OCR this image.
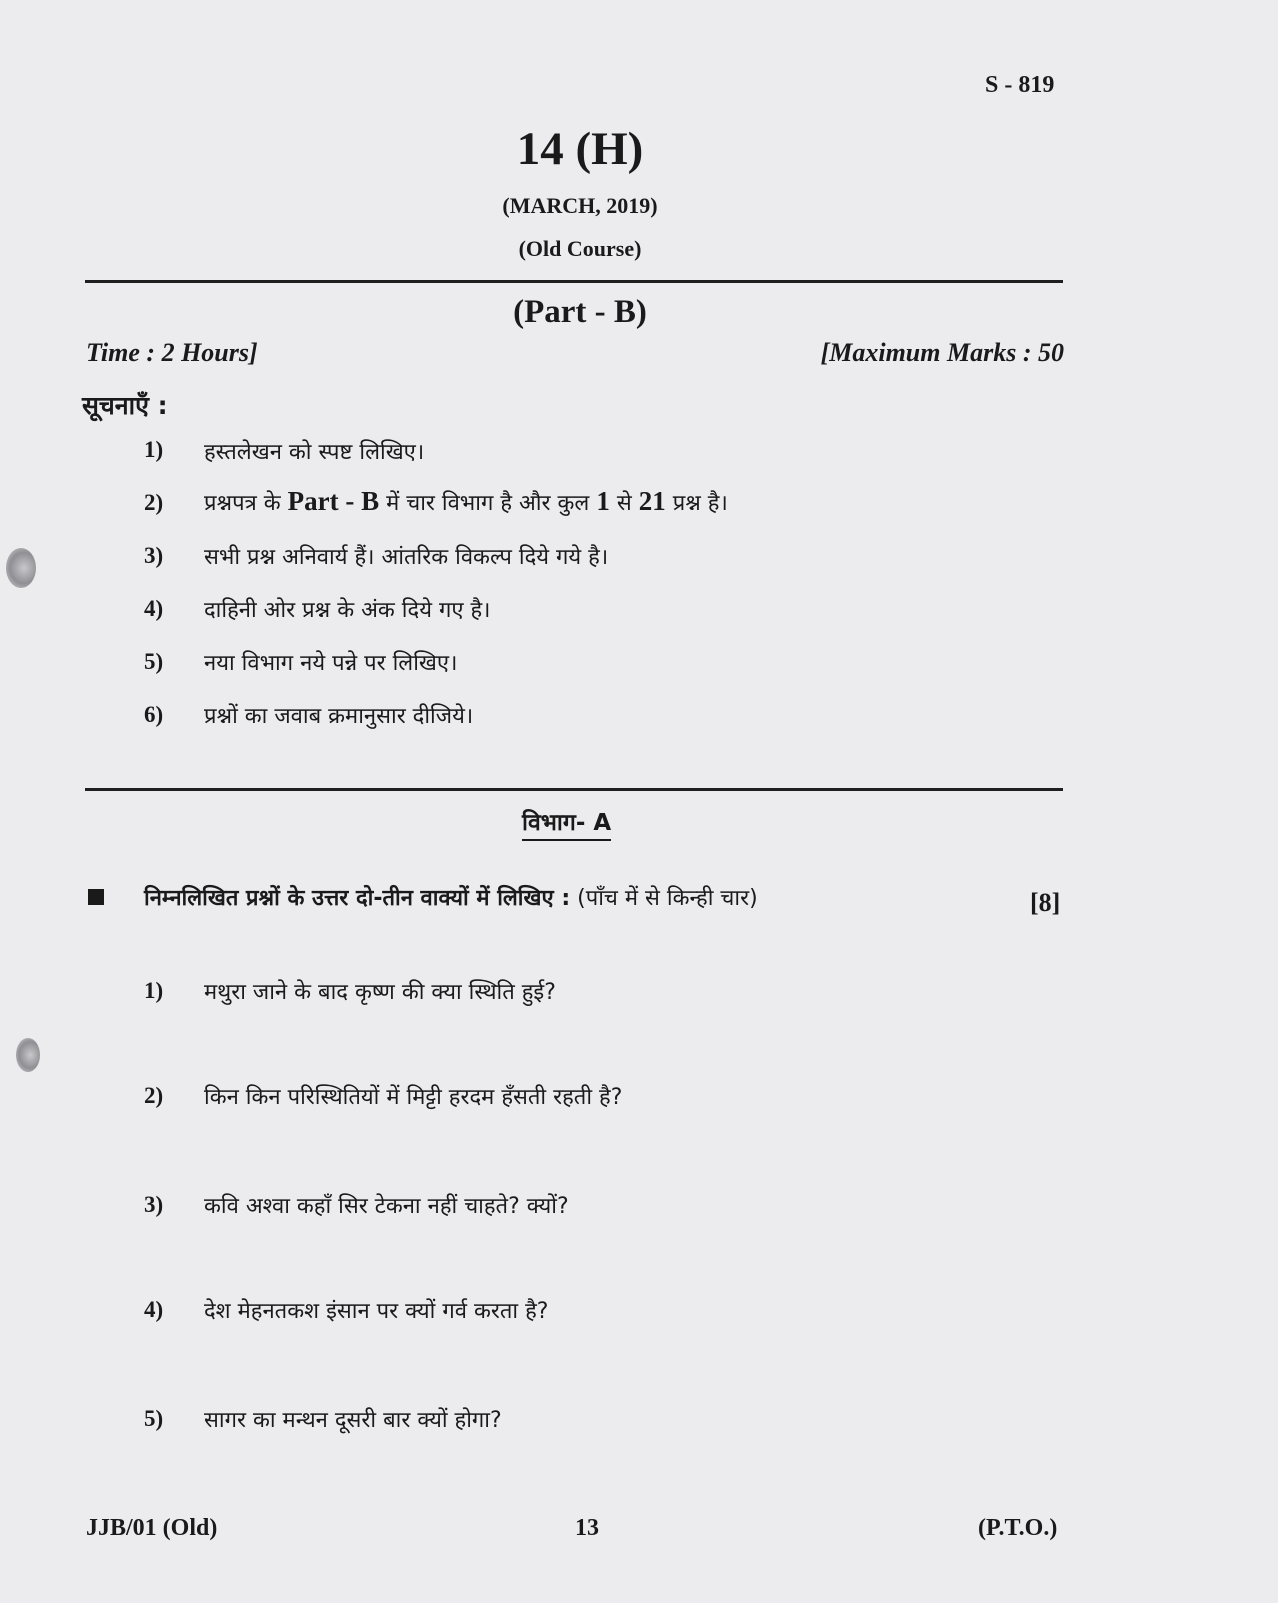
S - 819
14 (H)
(MARCH, 2019)
(Old Course)
(Part - B)
Time : 2 Hours]	[Maximum Marks : 50
सूचनाएँ :
1) हस्तलेखन को स्पष्ट लिखिए।
2) प्रश्नपत्र के Part - B में चार विभाग है और कुल 1 से 21 प्रश्न है।
3) सभी प्रश्न अनिवार्य हैं। आंतरिक विकल्प दिये गये है।
4) दाहिनी ओर प्रश्न के अंक दिये गए है।
5) नया विभाग नये पन्ने पर लिखिए।
6) प्रश्नों का जवाब क्रमानुसार दीजिये।
विभाग- A
निम्नलिखित प्रश्नों के उत्तर दो-तीन वाक्यों में लिखिए : (पाँच में से किन्ही चार)	[8]
1) मथुरा जाने के बाद कृष्ण की क्या स्थिति हुई?
2) किन किन परिस्थितियों में मिट्टी हरदम हँसती रहती है?
3) कवि अश्वा कहाँ सिर टेकना नहीं चाहते? क्यों?
4) देश मेहनतकश इंसान पर क्यों गर्व करता है?
5) सागर का मन्थन दूसरी बार क्यों होगा?
JJB/01 (Old)	13	(P.T.O.)
